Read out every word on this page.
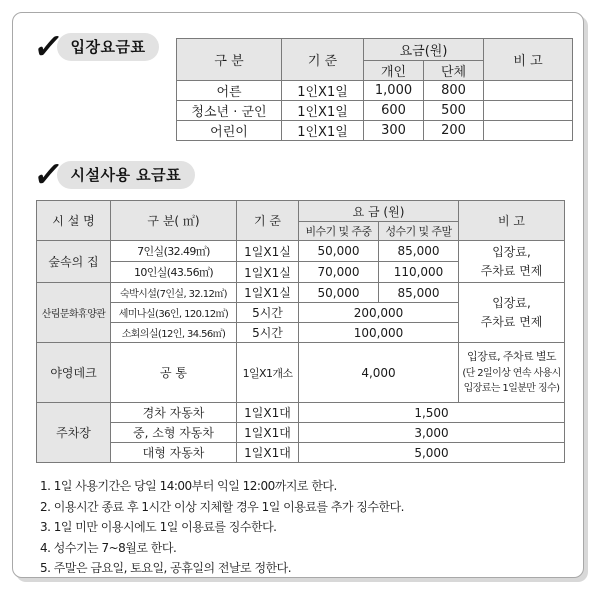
✓ 입장요금표
구 분	기 준	요금(원)		비 고
		개인	단체	
어른	1인X1일	1,000	800	
청소년 · 군인	1인X1일	600	500	
어린이	1인X1일	300	200	
✓ 시설사용 요금표
시 설 명	구 분( ㎡)	기 준	요 금 (원)		비 고
			비수기 및 주중	성수기 및 주말	
숲속의 집	7인실(32.49㎡)	1일X1실	50,000	85,000	입장료,
주차료 면제

	10인실(43.56㎡)	1일X1실	70,000	110,000	
산림문화휴양관	숙박시설(7인실, 32.12㎡)	1일X1실	50,000	85,000	입장료,
주차료 면제

	세미나실(36인, 120.12㎡)	5시간	200,000		
	소회의실(12인, 34.56㎡)	5시간	100,000		
야영데크	공 통	1일X1개소	4,000		입장료, 주차료 별도
(단 2일이상 연속 사용시
입장료는 1일분만 징수)

주차장	경차 자동차	1일X1대	1,500		
	중, 소형 자동차	1일X1대	3,000		
	대형 자동차	1일X1대	5,000		
1. 1일 사용기간은 당일 14:00부터 익일 12:00까지로 한다.
2. 이용시간 종료 후 1시간 이상 지체할 경우 1일 이용료를 추가 징수한다.
3. 1일 미만 이용시에도 1일 이용료를 징수한다.
4. 성수기는 7~8월로 한다.
5. 주말은 금요일, 토요일, 공휴일의 전날로 정한다.
